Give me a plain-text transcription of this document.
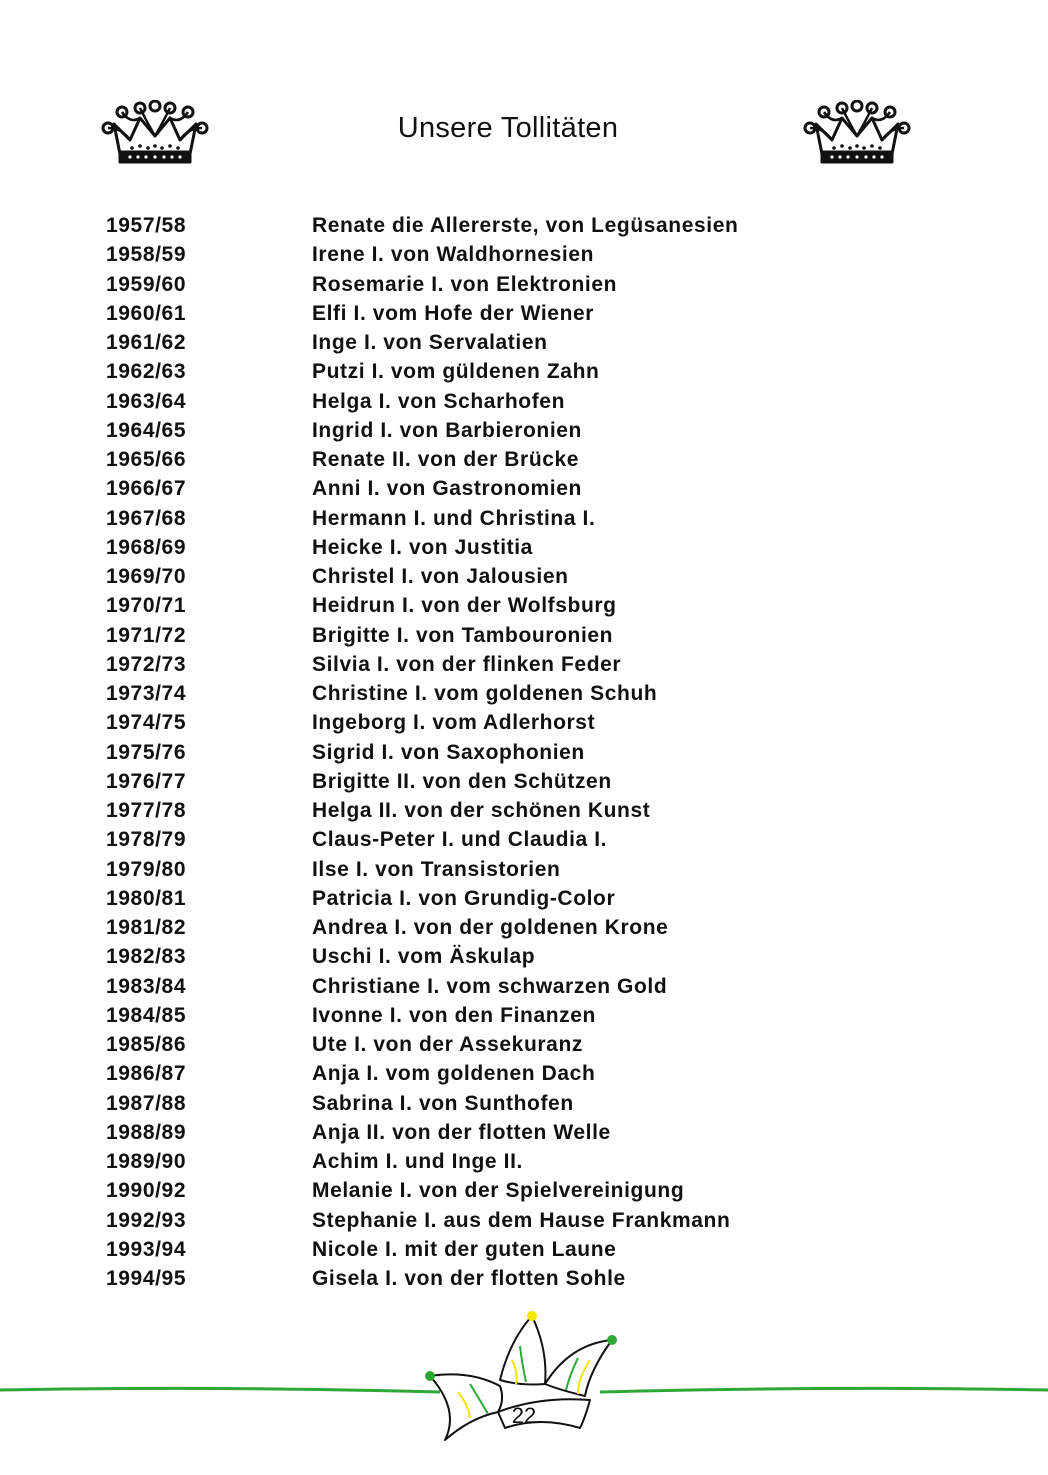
Unsere Tollitäten
1957/58	Renate die Allererste, von Legüsanesien
1958/59	Irene I. von Waldhornesien
1959/60	Rosemarie I. von Elektronien
1960/61	Elfi I. vom Hofe der Wiener
1961/62	Inge I. von Servalatien
1962/63	Putzi I. vom güldenen Zahn
1963/64	Helga I. von Scharhofen
1964/65	Ingrid I. von Barbieronien
1965/66	Renate II. von der Brücke
1966/67	Anni I. von Gastronomien
1967/68	Hermann I. und Christina I.
1968/69	Heicke I. von Justitia
1969/70	Christel I. von Jalousien
1970/71	Heidrun I. von der Wolfsburg
1971/72	Brigitte I. von Tambouronien
1972/73	Silvia I. von der flinken Feder
1973/74	Christine I. vom goldenen Schuh
1974/75	Ingeborg I. vom Adlerhorst
1975/76	Sigrid I. von Saxophonien
1976/77	Brigitte II. von den Schützen
1977/78	Helga II. von der schönen Kunst
1978/79	Claus-Peter I. und Claudia I.
1979/80	Ilse I. von Transistorien
1980/81	Patricia I. von Grundig-Color
1981/82	Andrea I. von der goldenen Krone
1982/83	Uschi I. vom Äskulap
1983/84	Christiane I. vom schwarzen Gold
1984/85	Ivonne I. von den Finanzen
1985/86	Ute I. von der Assekuranz
1986/87	Anja I. vom goldenen Dach
1987/88	Sabrina I. von Sunthofen
1988/89	Anja II. von der flotten Welle
1989/90	Achim I. und Inge II.
1990/92	Melanie I. von der Spielvereinigung
1992/93	Stephanie I. aus dem Hause Frankmann
1993/94	Nicole I. mit der guten Laune
1994/95	Gisela I. von der flotten Sohle
22
